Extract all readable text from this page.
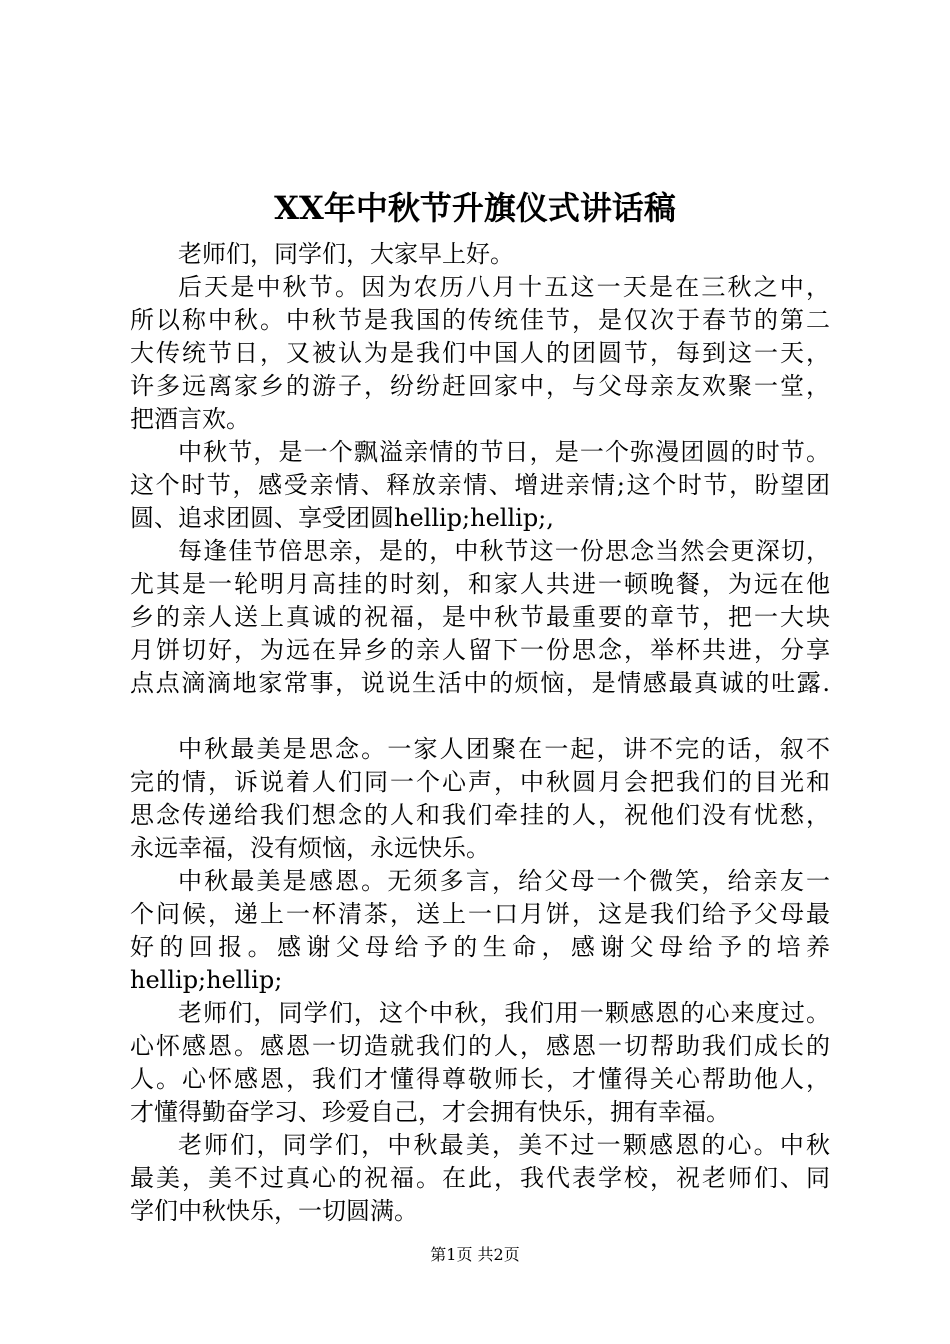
XX年中秋节升旗仪式讲话稿
老师们，同学们，大家早上好。
后天是中秋节。因为农历八月十五这一天是在三秋之中，
所以称中秋。中秋节是我国的传统佳节，是仅次于春节的第二
大传统节日，又被认为是我们中国人的团圆节，每到这一天，
许多远离家乡的游子，纷纷赶回家中，与父母亲友欢聚一堂，
把酒言欢。
中秋节，是一个飘溢亲情的节日，是一个弥漫团圆的时节。
这个时节，感受亲情、释放亲情、增进亲情;这个时节，盼望团
圆、追求团圆、享受团圆hellip;hellip;,
每逢佳节倍思亲，是的，中秋节这一份思念当然会更深切，
尤其是一轮明月高挂的时刻，和家人共进一顿晚餐，为远在他
乡的亲人送上真诚的祝福，是中秋节最重要的章节，把一大块
月饼切好，为远在异乡的亲人留下一份思念，举杯共进，分享
点点滴滴地家常事，说说生活中的烦恼，是情感最真诚的吐露.
中秋最美是思念。一家人团聚在一起，讲不完的话，叙不
完的情，诉说着人们同一个心声，中秋圆月会把我们的目光和
思念传递给我们想念的人和我们牵挂的人，祝他们没有忧愁，
永远幸福，没有烦恼，永远快乐。
中秋最美是感恩。无须多言，给父母一个微笑，给亲友一
个问候，递上一杯清茶，送上一口月饼，这是我们给予父母最
好的回报。感谢父母给予的生命，感谢父母给予的培养
hellip;hellip;
老师们，同学们，这个中秋，我们用一颗感恩的心来度过。
心怀感恩。感恩一切造就我们的人，感恩一切帮助我们成长的
人。心怀感恩，我们才懂得尊敬师长，才懂得关心帮助他人，
才懂得勤奋学习、珍爱自己，才会拥有快乐，拥有幸福。
老师们，同学们，中秋最美，美不过一颗感恩的心。中秋
最美，美不过真心的祝福。在此，我代表学校，祝老师们、同
学们中秋快乐，一切圆满。
第1页 共2页
